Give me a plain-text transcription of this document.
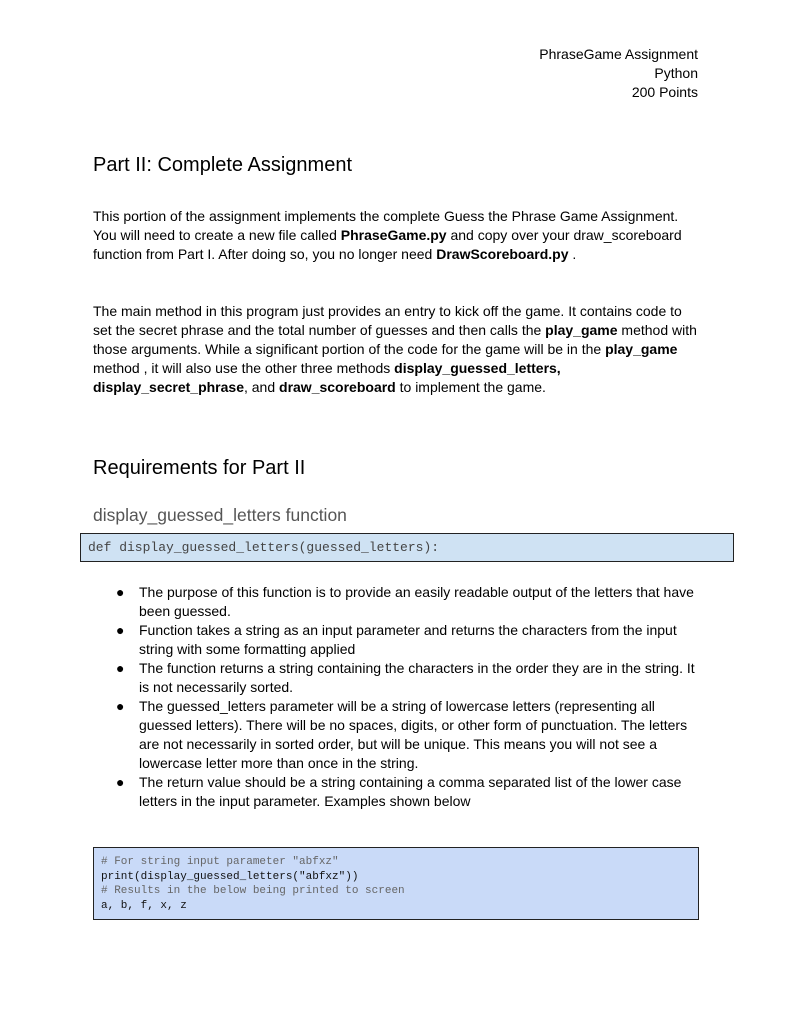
PhraseGame Assignment
Python
200 Points
Part II: Complete Assignment

This portion of the assignment implements the complete Guess the Phrase Game Assignment. You will need to create a new file called PhraseGame.py and copy over your draw_scoreboard function from Part I. After doing so, you no longer need DrawScoreboard.py .

The main method in this program just provides an entry to kick off the game. It contains code to set the secret phrase and the total number of guesses and then calls the play_game method with those arguments. While a significant portion of the code for the game will be in the play_game method , it will also use the other three methods display_guessed_letters, display_secret_phrase, and draw_scoreboard to implement the game.

Requirements for Part II
display_guessed_letters function
def display_guessed_letters(guessed_letters):
● The purpose of this function is to provide an easily readable output of the letters that have been guessed.
● Function takes a string as an input parameter and returns the characters from the input string with some formatting applied
● The function returns a string containing the characters in the order they are in the string. It is not necessarily sorted.
● The guessed_letters parameter will be a string of lowercase letters (representing all guessed letters). There will be no spaces, digits, or other form of punctuation. The letters are not necessarily in sorted order, but will be unique. This means you will not see a lowercase letter more than once in the string.
● The return value should be a string containing a comma separated list of the lower case letters in the input parameter. Examples shown below
# For string input parameter "abfxz"
print(display_guessed_letters("abfxz"))
# Results in the below being printed to screen
a, b, f, x, z
